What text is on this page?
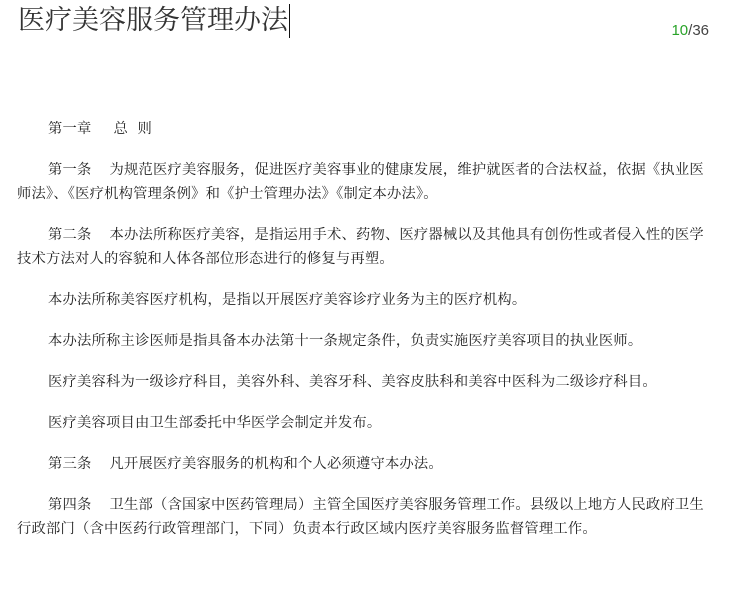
医疗美容服务管理办法	10/36

第一章 总  则

第一条 为规范医疗美容服务，促进医疗美容事业的健康发展，维护就医者的合法权益，依据《执业医师法》、《医疗机构管理条例》和《护士管理办法》《制定本办法》。

第二条 本办法所称医疗美容，是指运用手术、药物、医疗器械以及其他具有创伤性或者侵入性的医学技术方法对人的容貌和人体各部位形态进行的修复与再塑。

本办法所称美容医疗机构，是指以开展医疗美容诊疗业务为主的医疗机构。

本办法所称主诊医师是指具备本办法第十一条规定条件，负责实施医疗美容项目的执业医师。

医疗美容科为一级诊疗科目，美容外科、美容牙科、美容皮肤科和美容中医科为二级诊疗科目。

医疗美容项目由卫生部委托中华医学会制定并发布。

第三条 凡开展医疗美容服务的机构和个人必须遵守本办法。

第四条 卫生部（含国家中医药管理局）主管全国医疗美容服务管理工作。县级以上地方人民政府卫生行政部门（含中医药行政管理部门，下同）负责本行政区域内医疗美容服务监督管理工作。
